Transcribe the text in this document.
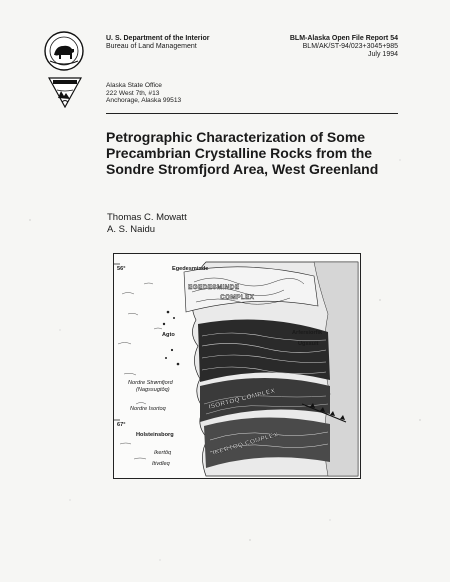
U. S. Department of the Interior
Bureau of Land Management
BLM-Alaska Open File Report 54
BLM/AK/ST-94/023+3045+985
July 1994
Alaska State Office
222 West 7th, #13
Anchorage, Alaska 99513
Petrographic Characterization of Some
Precambrian Crystalline Rocks from the
Sondre Stromfjord Area, West Greenland
Thomas C. Mowatt
A. S. Naidu
56°
67°
Egedesminde
Agto	Arfersiorfik
Ugssuit
Nordre Strømfjord
(Nagssugtôq)
Nordre Isortoq
Holsteinsborg
Ikertôq
Itivdleq
EGEDESMINDE
COMPLEX
ISORTOQ COMPLEX
IKERTOQ COMPLEX
